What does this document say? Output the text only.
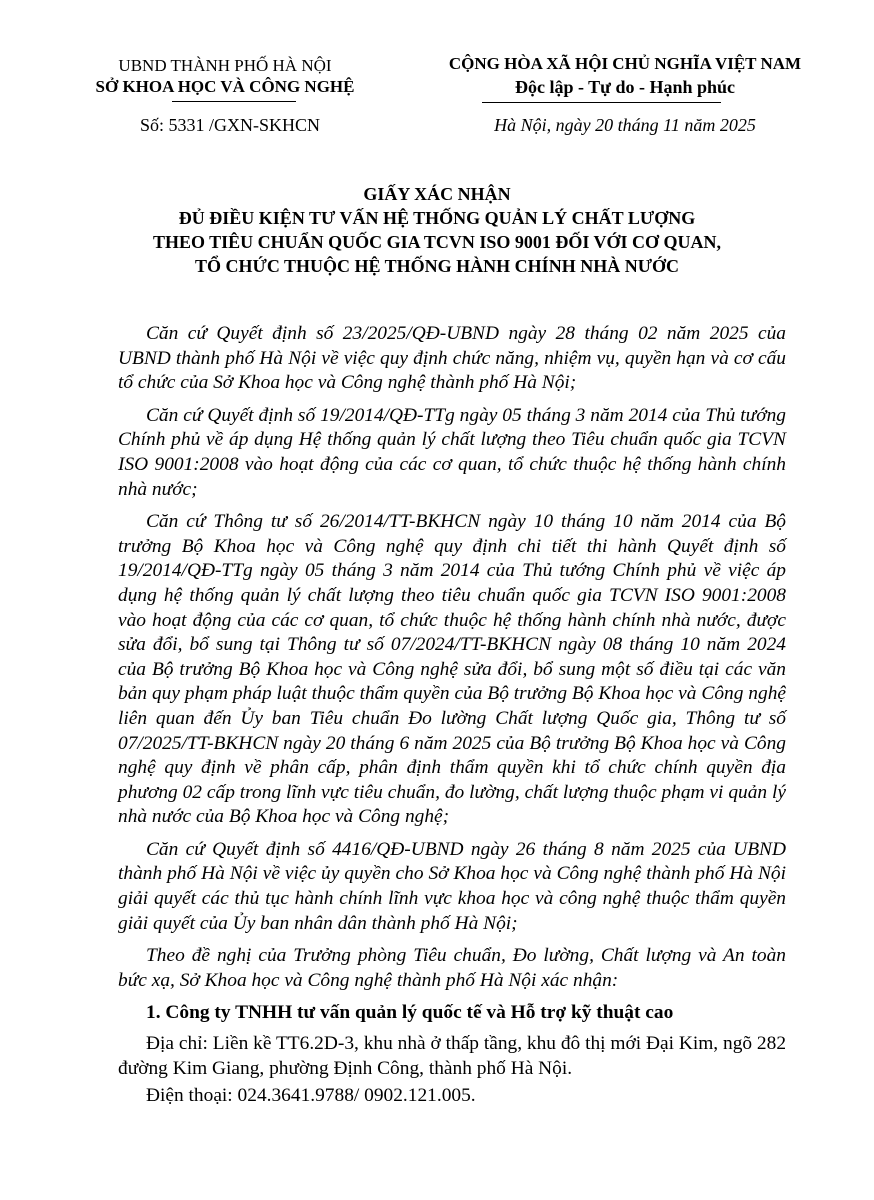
UBND THÀNH PHỐ HÀ NỘI
SỞ KHOA HỌC VÀ CÔNG NGHỆ
CỘNG HÒA XÃ HỘI CHỦ NGHĨA VIỆT NAM
Độc lập - Tự do - Hạnh phúc
Số: 5331 /GXN-SKHCN	Hà Nội, ngày 20 tháng 11 năm 2025
GIẤY XÁC NHẬN
ĐỦ ĐIỀU KIỆN TƯ VẤN HỆ THỐNG QUẢN LÝ CHẤT LƯỢNG
THEO TIÊU CHUẨN QUỐC GIA TCVN ISO 9001 ĐỐI VỚI CƠ QUAN,
TỔ CHỨC THUỘC HỆ THỐNG HÀNH CHÍNH NHÀ NƯỚC

Căn cứ Quyết định số 23/2025/QĐ-UBND ngày 28 tháng 02 năm 2025 của UBND thành phố Hà Nội về việc quy định chức năng, nhiệm vụ, quyền hạn và cơ cấu tổ chức của Sở Khoa học và Công nghệ thành phố Hà Nội;

Căn cứ Quyết định số 19/2014/QĐ-TTg ngày 05 tháng 3 năm 2014 của Thủ tướng Chính phủ về áp dụng Hệ thống quản lý chất lượng theo Tiêu chuẩn quốc gia TCVN ISO 9001:2008 vào hoạt động của các cơ quan, tổ chức thuộc hệ thống hành chính nhà nước;

Căn cứ Thông tư số 26/2014/TT-BKHCN ngày 10 tháng 10 năm 2014 của Bộ trưởng Bộ Khoa học và Công nghệ quy định chi tiết thi hành Quyết định số 19/2014/QĐ-TTg ngày 05 tháng 3 năm 2014 của Thủ tướng Chính phủ về việc áp dụng hệ thống quản lý chất lượng theo tiêu chuẩn quốc gia TCVN ISO 9001:2008 vào hoạt động của các cơ quan, tổ chức thuộc hệ thống hành chính nhà nước, được sửa đổi, bổ sung tại Thông tư số 07/2024/TT-BKHCN ngày 08 tháng 10 năm 2024 của Bộ trưởng Bộ Khoa học và Công nghệ sửa đổi, bổ sung một số điều tại các văn bản quy phạm pháp luật thuộc thẩm quyền của Bộ trưởng Bộ Khoa học và Công nghệ liên quan đến Ủy ban Tiêu chuẩn Đo lường Chất lượng Quốc gia, Thông tư số 07/2025/TT-BKHCN ngày 20 tháng 6 năm 2025 của Bộ trưởng Bộ Khoa học và Công nghệ quy định về phân cấp, phân định thẩm quyền khi tổ chức chính quyền địa phương 02 cấp trong lĩnh vực tiêu chuẩn, đo lường, chất lượng thuộc phạm vi quản lý nhà nước của Bộ Khoa học và Công nghệ;

Căn cứ Quyết định số 4416/QĐ-UBND ngày 26 tháng 8 năm 2025 của UBND thành phố Hà Nội về việc ủy quyền cho Sở Khoa học và Công nghệ thành phố Hà Nội giải quyết các thủ tục hành chính lĩnh vực khoa học và công nghệ thuộc thẩm quyền giải quyết của Ủy ban nhân dân thành phố Hà Nội;

Theo đề nghị của Trưởng phòng Tiêu chuẩn, Đo lường, Chất lượng và An toàn bức xạ, Sở Khoa học và Công nghệ thành phố Hà Nội xác nhận:

1. Công ty TNHH tư vấn quản lý quốc tế và Hỗ trợ kỹ thuật cao

Địa chỉ: Liền kề TT6.2D-3, khu nhà ở thấp tầng, khu đô thị mới Đại Kim, ngõ 282 đường Kim Giang, phường Định Công, thành phố Hà Nội.

Điện thoại: 024.3641.9788/ 0902.121.005.
